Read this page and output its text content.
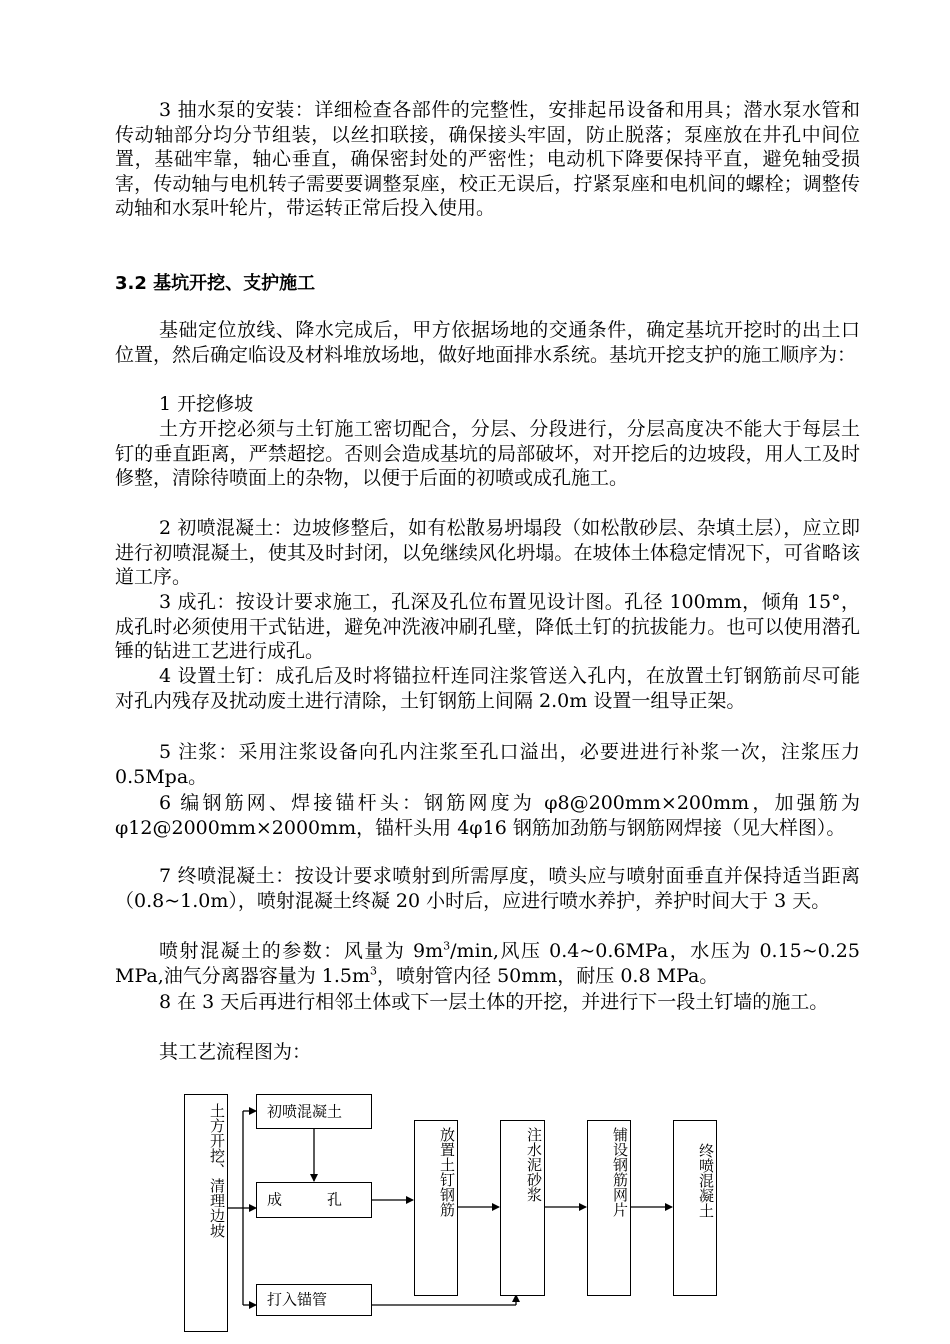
3 抽水泵的安装：详细检查各部件的完整性，安排起吊设备和用具；潜水泵水管和传动轴部分均分节组装，以丝扣联接，确保接头牢固，防止脱落；泵座放在井孔中间位置，基础牢靠，轴心垂直，确保密封处的严密性；电动机下降要保持平直，避免轴受损害，传动轴与电机转子需要要调整泵座，校正无误后，拧紧泵座和电机间的螺栓；调整传动轴和水泵叶轮片，带运转正常后投入使用。

3.2 基坑开挖、支护施工

基础定位放线、降水完成后，甲方依据场地的交通条件，确定基坑开挖时的出土口位置，然后确定临设及材料堆放场地，做好地面排水系统。基坑开挖支护的施工顺序为：

1 开挖修坡

土方开挖必须与土钉施工密切配合，分层、分段进行，分层高度决不能大于每层土钉的垂直距离，严禁超挖。否则会造成基坑的局部破坏，对开挖后的边坡段，用人工及时修整，清除待喷面上的杂物，以便于后面的初喷或成孔施工。

2 初喷混凝土：边坡修整后，如有松散易坍塌段（如松散砂层、杂填土层），应立即进行初喷混凝土，使其及时封闭，以免继续风化坍塌。在坡体土体稳定情况下，可省略该道工序。

3 成孔：按设计要求施工，孔深及孔位布置见设计图。孔径 100mm，倾角 15°，成孔时必须使用干式钻进，避免冲洗液冲刷孔壁，降低土钉的抗拔能力。也可以使用潜孔锤的钻进工艺进行成孔。

4 设置土钉：成孔后及时将锚拉杆连同注浆管送入孔内，在放置土钉钢筋前尽可能对孔内残存及扰动废土进行清除，土钉钢筋上间隔 2.0m 设置一组导正架。

5 注浆：采用注浆设备向孔内注浆至孔口溢出，必要进进行补浆一次，注浆压力 0.5Mpa。

6 编钢筋网、焊接锚杆头：钢筋网度为 φ8@200mm×200mm，加强筋为 φ12@2000mm×2000mm，锚杆头用 4φ16 钢筋加劲筋与钢筋网焊接（见大样图）。

7 终喷混凝土：按设计要求喷射到所需厚度，喷头应与喷射面垂直并保持适当距离（0.8~1.0m），喷射混凝土终凝 20 小时后，应进行喷水养护，养护时间大于 3 天。

喷射混凝土的参数：风量为 $9m^3/\min$,风压 0.4~0.6MPa，水压为 0.15~0.25 MPa,油气分离器容量为 $1.5m^3$，喷射管内径 50mm，耐压 0.8 MPa。

8 在 3 天后再进行相邻土体或下一层土体的开挖，并进行下一段土钉墙的施工。

其工艺流程图为：

土方开挖、清理边坡	初喷混凝土
成　　　孔
打入锚管
放置土钉钢筋	注水泥砂浆	铺设钢筋网片	终喷混凝土
